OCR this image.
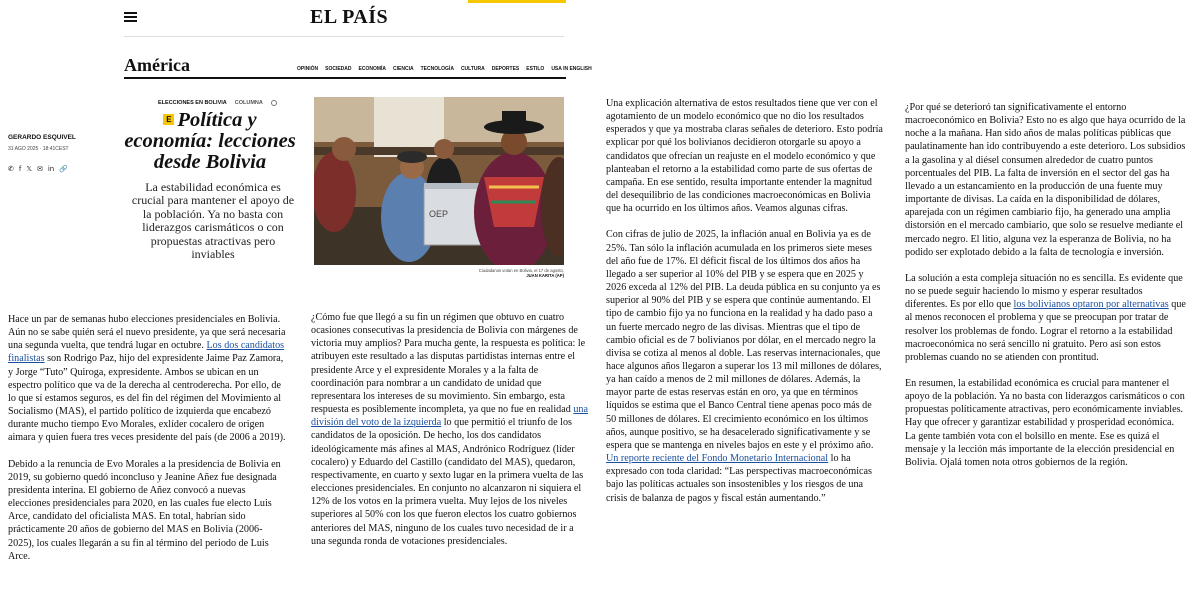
EL PAÍS
América	OPINIÓN SOCIEDAD ECONOMÍA CIENCIA TECNOLOGÍA CULTURA DEPORTES ESTILO USA IN ENGLISH
GERARDO ESQUIVEL
31 AGO 2025 · 18:41CEST
✆ f 𝕏 ✉ in 🔗
ELECCIONES EN BOLIVIA COLUMNA
E Política y economía: lecciones desde Bolivia

La estabilidad económica es crucial para mantener el apoyo de la población. Ya no basta con liderazgos carismáticos o con propuestas atractivas pero inviables

OEP
Ciudadanos votan en Bolivia, el 17 de agosto.
JUAN KARITA (AP)

Hace un par de semanas hubo elecciones presidenciales en Bolivia. Aún no se sabe quién será el nuevo presidente, ya que será necesaria una segunda vuelta, que tendrá lugar en octubre. Los dos candidatos finalistas son Rodrigo Paz, hijo del expresidente Jaime Paz Zamora, y Jorge “Tuto” Quiroga, expresidente. Ambos se ubican en un espectro político que va de la derecha al centroderecha. Por ello, de lo que sí estamos seguros, es del fin del régimen del Movimiento al Socialismo (MAS), el partido político de izquierda que encabezó durante mucho tiempo Evo Morales, exlíder cocalero de origen aimara y quien fuera tres veces presidente del país (de 2006 a 2019).

Debido a la renuncia de Evo Morales a la presidencia de Bolivia en 2019, su gobierno quedó inconcluso y Jeanine Añez fue designada presidenta interina. El gobierno de Añez convocó a nuevas elecciones presidenciales para 2020, en las cuales fue electo Luis Arce, candidato del oficialista MAS. En total, habrían sido prácticamente 20 años de gobierno del MAS en Bolivia (2006-2025), los cuales llegarán a su fin al término del periodo de Luis Arce.

¿Cómo fue que llegó a su fin un régimen que obtuvo en cuatro ocasiones consecutivas la presidencia de Bolivia con márgenes de victoria muy amplios? Para mucha gente, la respuesta es política: le atribuyen este resultado a las disputas partidistas internas entre el presidente Arce y el expresidente Morales y a la falta de coordinación para nombrar a un candidato de unidad que representara los intereses de su movimiento. Sin embargo, esta respuesta es posiblemente incompleta, ya que no fue en realidad una división del voto de la izquierda lo que permitió el triunfo de los candidatos de la oposición. De hecho, los dos candidatos ideológicamente más afines al MAS, Andrónico Rodríguez (líder cocalero) y Eduardo del Castillo (candidato del MAS), quedaron, respectivamente, en cuarto y sexto lugar en la primera vuelta de las elecciones presidenciales. En conjunto no alcanzaron ni siquiera el 12% de los votos en la primera vuelta. Muy lejos de los niveles superiores al 50% con los que fueron electos los cuatro gobiernos anteriores del MAS, ninguno de los cuales tuvo necesidad de ir a una segunda ronda de votaciones presidenciales.

Una explicación alternativa de estos resultados tiene que ver con el agotamiento de un modelo económico que no dio los resultados esperados y que ya mostraba claras señales de deterioro. Esto podría explicar por qué los bolivianos decidieron otorgarle su apoyo a candidatos que ofrecían un reajuste en el modelo económico y que planteaban el retorno a la estabilidad como parte de sus ofertas de campaña. En ese sentido, resulta importante entender la magnitud del desequilibrio de las condiciones macroeconómicas en Bolivia que ha ocurrido en los últimos años. Veamos algunas cifras.

Con cifras de julio de 2025, la inflación anual en Bolivia ya es de 25%. Tan sólo la inflación acumulada en los primeros siete meses del año fue de 17%. El déficit fiscal de los últimos dos años ha llegado a ser superior al 10% del PIB y se espera que en 2025 y 2026 exceda al 12% del PIB. La deuda pública en su conjunto ya es superior al 90% del PIB y se espera que continúe aumentando. El tipo de cambio fijo ya no funciona en la realidad y ha dado paso a un fuerte mercado negro de las divisas. Mientras que el tipo de cambio oficial es de 7 bolivianos por dólar, en el mercado negro la divisa se cotiza al menos al doble. Las reservas internacionales, que hace algunos años llegaron a superar los 13 mil millones de dólares, ya han caído a menos de 2 mil millones de dólares. Además, la mayor parte de estas reservas están en oro, ya que en términos líquidos se estima que el Banco Central tiene apenas poco más de 50 millones de dólares. El crecimiento económico en los últimos años, aunque positivo, se ha desacelerado significativamente y se espera que se mantenga en niveles bajos en este y el próximo año. Un reporte reciente del Fondo Monetario Internacional lo ha expresado con toda claridad: “Las perspectivas macroeconómicas bajo las políticas actuales son insostenibles y los riesgos de una crisis de balanza de pagos y fiscal están aumentando.”

¿Por qué se deterioró tan significativamente el entorno macroeconómico en Bolivia? Esto no es algo que haya ocurrido de la noche a la mañana. Han sido años de malas políticas públicas que paulatinamente han ido contribuyendo a este deterioro. Los subsidios a la gasolina y al diésel consumen alrededor de cuatro puntos porcentuales del PIB. La falta de inversión en el sector del gas ha llevado a un estancamiento en la producción de una fuente muy importante de divisas. La caída en la disponibilidad de dólares, aparejada con un régimen cambiario fijo, ha generado una amplia distorsión en el mercado cambiario, que solo se resuelve mediante el mercado negro. El litio, alguna vez la esperanza de Bolivia, no ha podido ser explotado debido a la falta de tecnología e inversión.

La solución a esta compleja situación no es sencilla. Es evidente que no se puede seguir haciendo lo mismo y esperar resultados diferentes. Es por ello que los bolivianos optaron por alternativas que al menos reconocen el problema y que se preocupan por tratar de resolver los problemas de fondo. Lograr el retorno a la estabilidad macroeconómica no será sencillo ni gratuito. Pero así son estos problemas cuando no se atienden con prontitud.

En resumen, la estabilidad económica es crucial para mantener el apoyo de la población. Ya no basta con liderazgos carismáticos o con propuestas políticamente atractivas, pero económicamente inviables. Hay que ofrecer y garantizar estabilidad y prosperidad económica. La gente también vota con el bolsillo en mente. Ese es quizá el mensaje y la lección más importante de la elección presidencial en Bolivia. Ojalá tomen nota otros gobiernos de la región.
